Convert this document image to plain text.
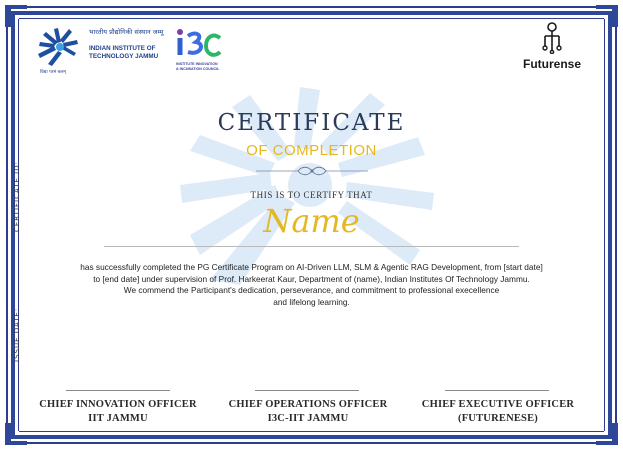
भारतीय प्रौद्योगिकी संस्थान जम्मू
INDIAN INSTITUTE OF
TECHNOLOGY JAMMU
विद्या परमं बलम्
INSTITUTE INNOVATION
& INCUBATION COUNCIL	Futurense
CERTIFICATE ID:
ISSUE DATE:
CERTIFICATE
OF COMPLETION
THIS IS TO CERTIFY THAT
Name

has successfully completed the PG Certificate Program on AI-Driven LLM, SLM & Agentic RAG Development, from [start date]

to [end date] under supervision of Prof. Harkeerat Kaur, Department of (name), Indian Institutes Of Technology Jammu.

We commend the Participant's dedication, perseverance, and commitment to professional execellence

and lifelong learning.

CHIEF INNOVATION OFFICER
IIT JAMMU
CHIEF OPERATIONS OFFICER
I3C-IIT JAMMU
CHIEF EXECUTIVE OFFICER
(FUTURENESE)
